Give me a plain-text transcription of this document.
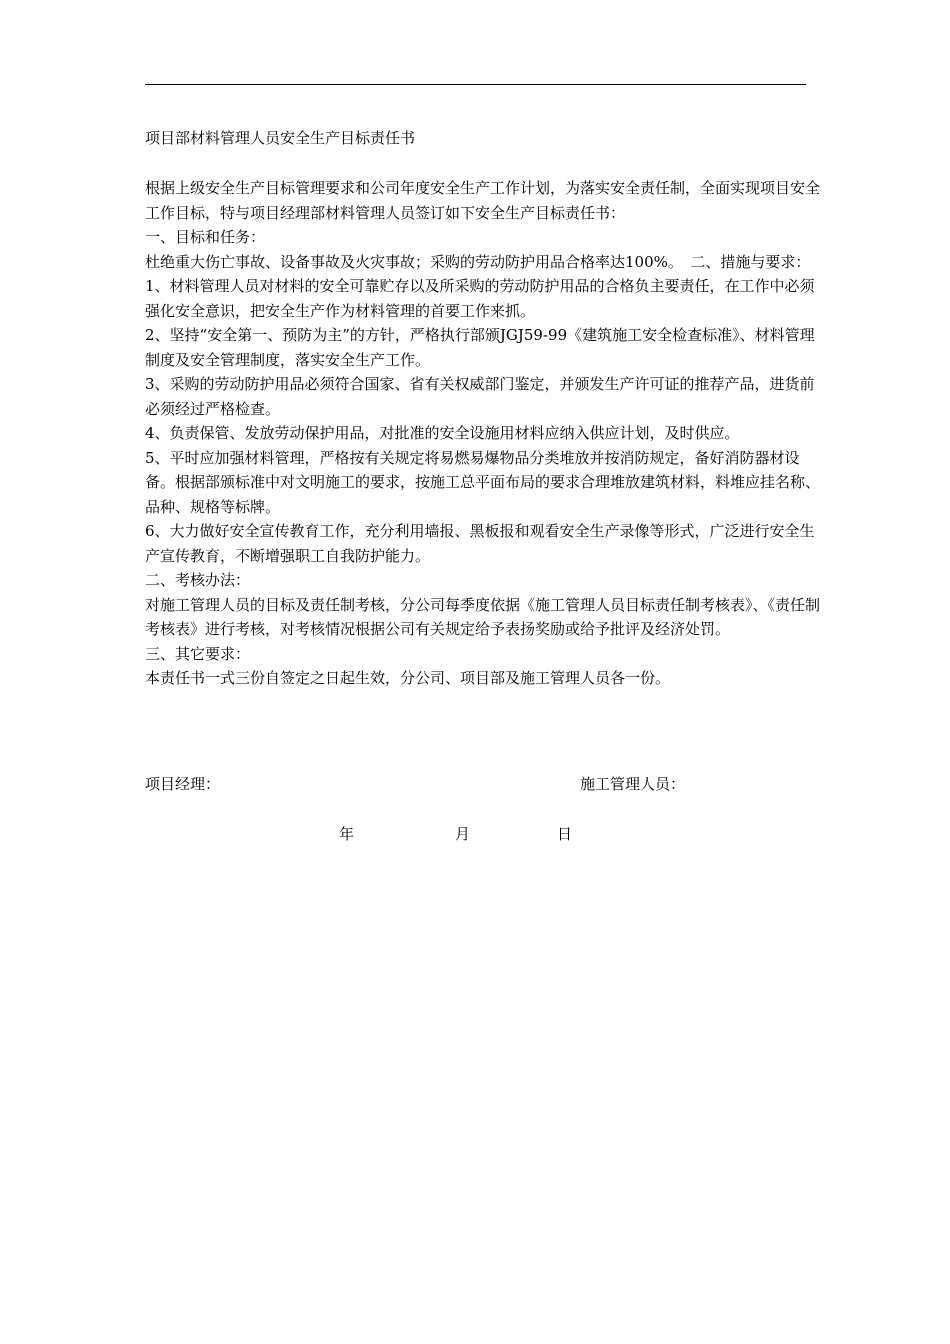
项目部材料管理人员安全生产目标责任书

根据上级安全生产目标管理要求和公司年度安全生产工作计划，为落实安全责任制，全面实现项目安全工作目标，特与项目经理部材料管理人员签订如下安全生产目标责任书：

一、目标和任务：

杜绝重大伤亡事故、设备事故及火灾事故；采购的劳动防护用品合格率达100%。　二、措施与要求：

1、材料管理人员对材料的安全可靠贮存以及所采购的劳动防护用品的合格负主要责任，在工作中必须强化安全意识，把安全生产作为材料管理的首要工作来抓。

2、坚持“安全第一、预防为主”的方针，严格执行部颁JGJ59-99《建筑施工安全检查标准》、材料管理制度及安全管理制度，落实安全生产工作。

3、采购的劳动防护用品必须符合国家、省有关权威部门鉴定，并颁发生产许可证的推荐产品，进货前必须经过严格检查。

4、负责保管、发放劳动保护用品，对批准的安全设施用材料应纳入供应计划，及时供应。

5、平时应加强材料管理，严格按有关规定将易燃易爆物品分类堆放并按消防规定，备好消防器材设备。根据部颁标准中对文明施工的要求，按施工总平面布局的要求合理堆放建筑材料，料堆应挂名称、品种、规格等标牌。

6、大力做好安全宣传教育工作，充分利用墙报、黑板报和观看安全生产录像等形式，广泛进行安全生产宣传教育，不断增强职工自我防护能力。

二、考核办法：

对施工管理人员的目标及责任制考核，分公司每季度依据《施工管理人员目标责任制考核表》、《责任制考核表》进行考核，对考核情况根据公司有关规定给予表扬奖励或给予批评及经济处罚。

三、其它要求：

本责任书一式三份自签定之日起生效，分公司、项目部及施工管理人员各一份。

项目经理：	施工管理人员：
年	月	日
